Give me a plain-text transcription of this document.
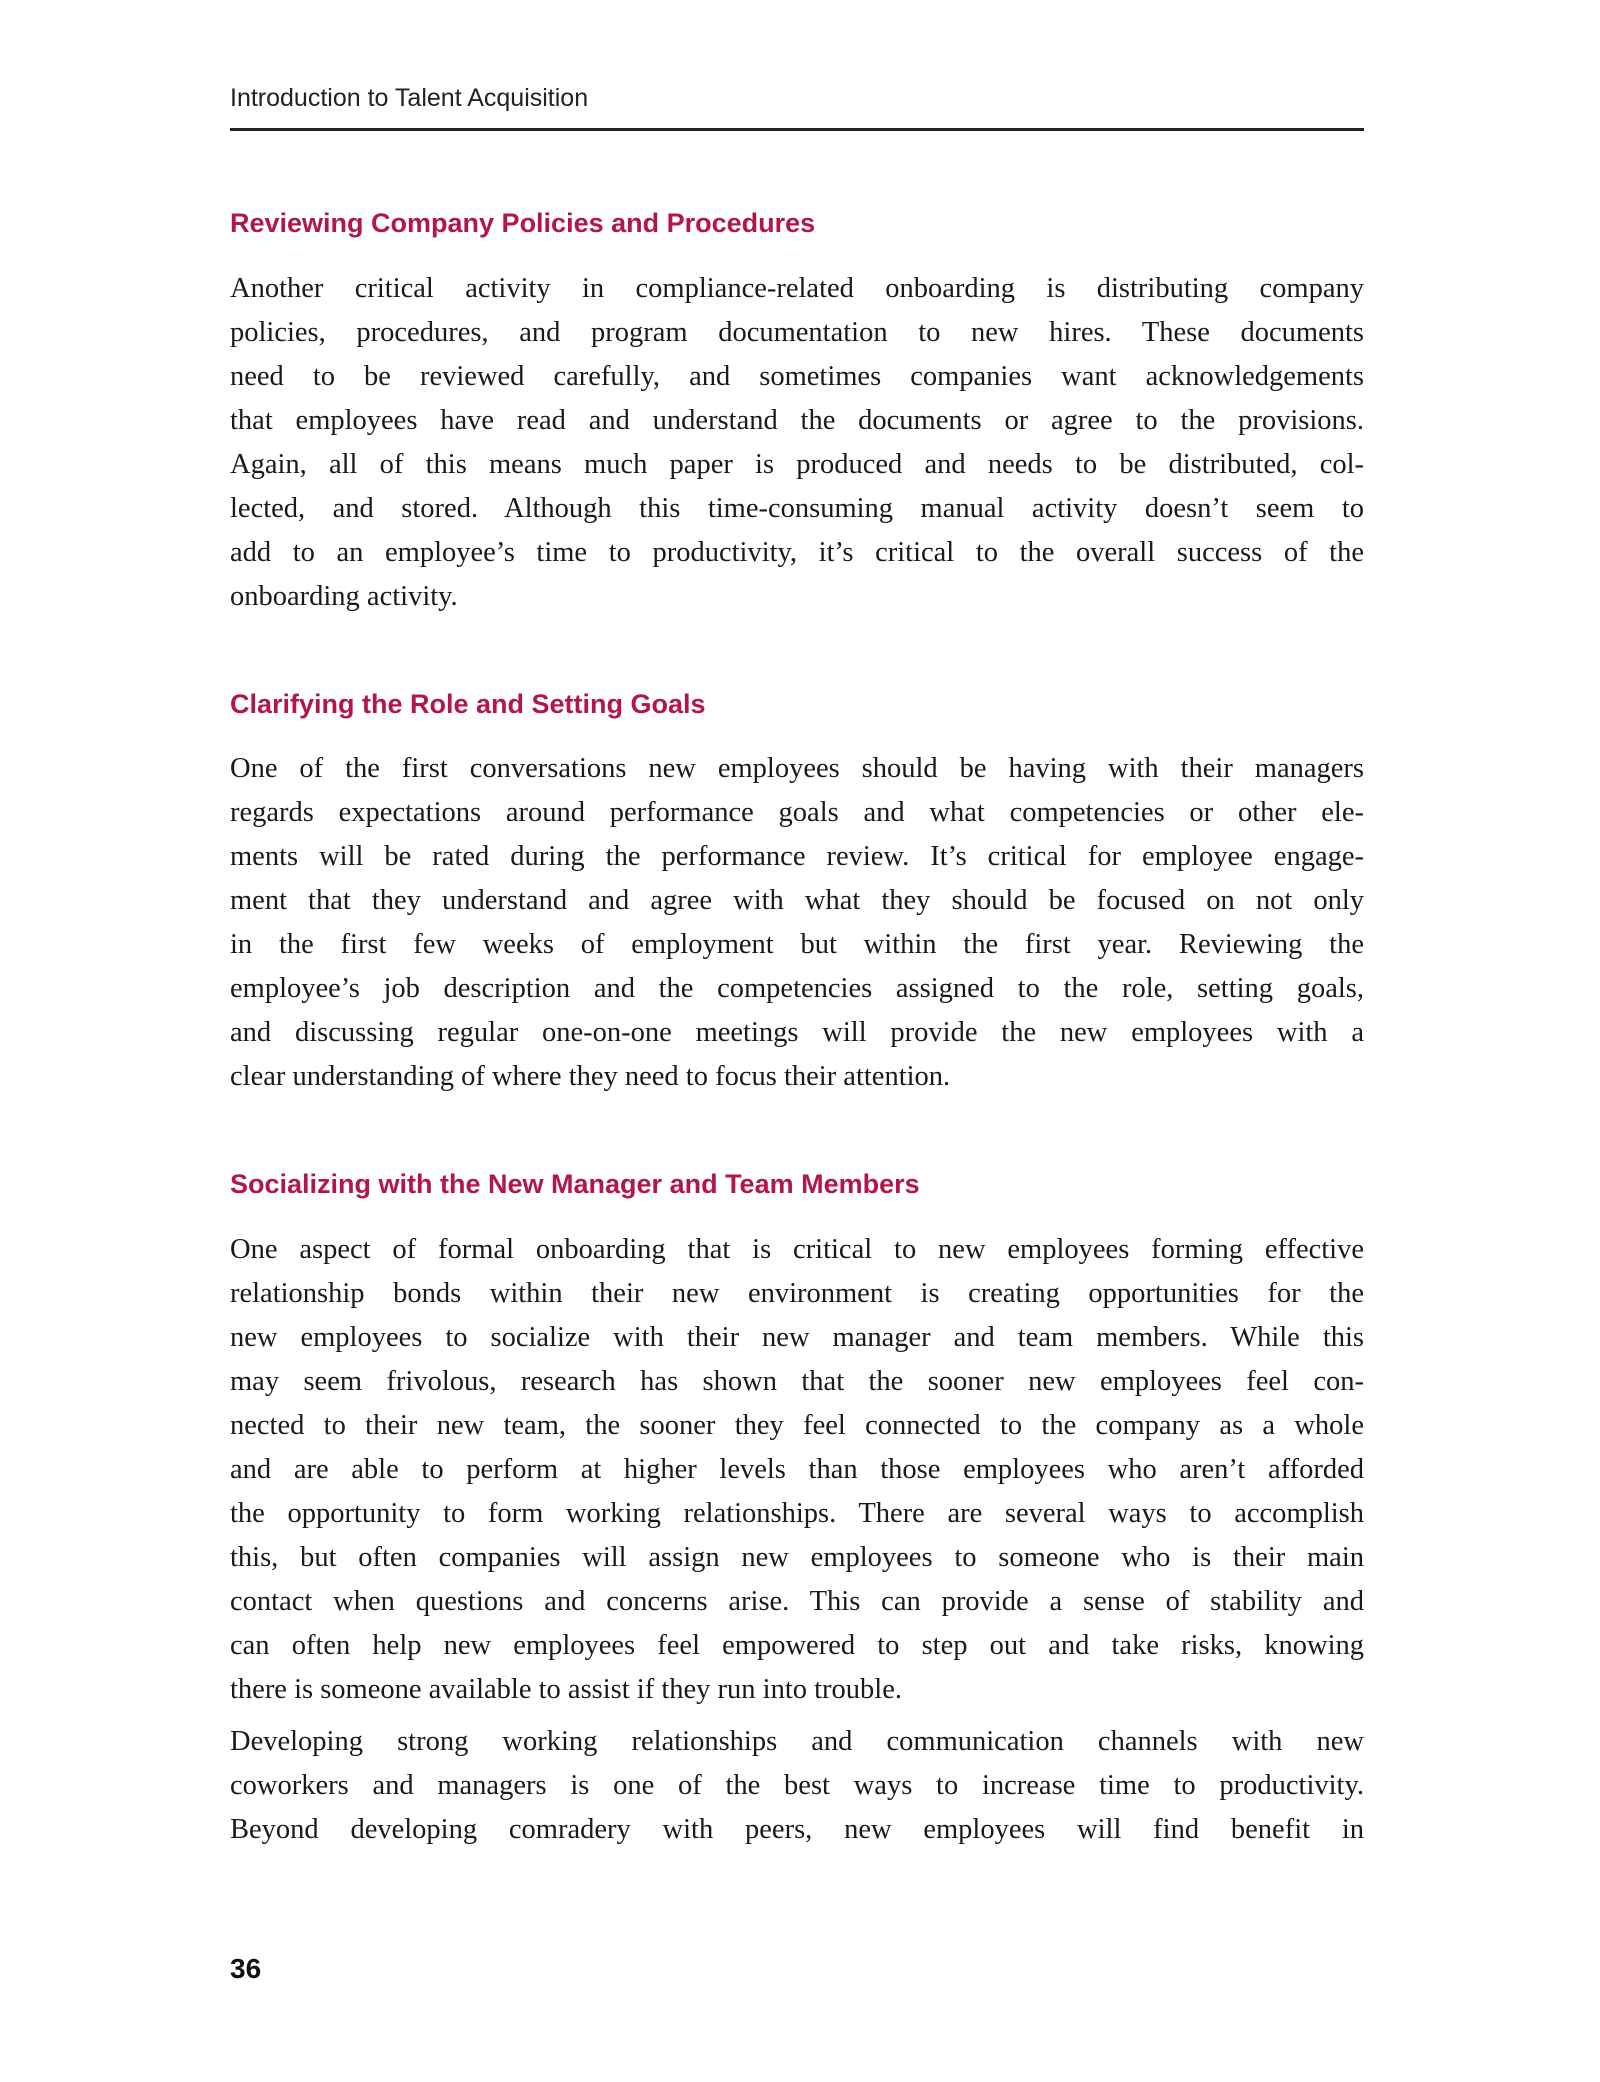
Introduction to Talent Acquisition
Reviewing Company Policies and Procedures
Another critical activity in compliance-related onboarding is distributing company
policies, procedures, and program documentation to new hires. These documents
need to be reviewed carefully, and sometimes companies want acknowledgements
that employees have read and understand the documents or agree to the provisions.
Again, all of this means much paper is produced and needs to be distributed, col-
lected, and stored. Although this time-consuming manual activity doesn’t seem to
add to an employee’s time to productivity, it’s critical to the overall success of the
onboarding activity.
Clarifying the Role and Setting Goals
One of the first conversations new employees should be having with their managers
regards expectations around performance goals and what competencies or other ele-
ments will be rated during the performance review. It’s critical for employee engage-
ment that they understand and agree with what they should be focused on not only
in the first few weeks of employment but within the first year. Reviewing the
employee’s job description and the competencies assigned to the role, setting goals,
and discussing regular one-on-one meetings will provide the new employees with a
clear understanding of where they need to focus their attention.
Socializing with the New Manager and Team Members
One aspect of formal onboarding that is critical to new employees forming effective
relationship bonds within their new environment is creating opportunities for the
new employees to socialize with their new manager and team members. While this
may seem frivolous, research has shown that the sooner new employees feel con-
nected to their new team, the sooner they feel connected to the company as a whole
and are able to perform at higher levels than those employees who aren’t afforded
the opportunity to form working relationships. There are several ways to accomplish
this, but often companies will assign new employees to someone who is their main
contact when questions and concerns arise. This can provide a sense of stability and
can often help new employees feel empowered to step out and take risks, knowing
there is someone available to assist if they run into trouble.
Developing strong working relationships and communication channels with new
coworkers and managers is one of the best ways to increase time to productivity.
Beyond developing comradery with peers, new employees will find benefit in
36
